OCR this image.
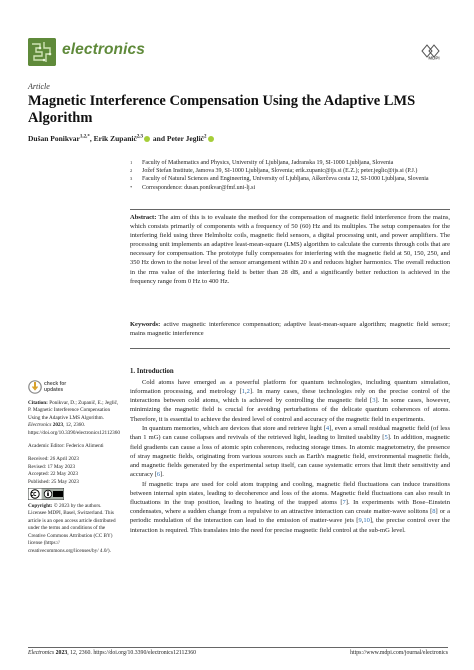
electronics	MDPI
Article
Magnetic Interference Compensation Using the Adaptive LMS Algorithm
Dušan Ponikvar$^{1,2,*}$, Erik Zupanič$^{2,3}$ and Peter Jeglič$^2$
1 Faculty of Mathematics and Physics, University of Ljubljana, Jadranska 19, SI-1000 Ljubljana, Slovenia
2 Jožef Stefan Institute, Jamova 39, SI-1000 Ljubljana, Slovenia; erik.zupanic@ijs.si (E.Z.); peter.jeglic@ijs.si (P.J.)
3 Faculty of Natural Sciences and Engineering, University of Ljubljana, Aškerčeva cesta 12, SI-1000 Ljubljana, Slovenia
* Correspondence: dusan.ponikvar@fmf.uni-lj.si
Abstract: The aim of this is to evaluate the method for the compensation of magnetic field interference from the mains, which consists primarily of components with a frequency of 50 (60) Hz and its multiples. The setup compensates for the interfering field using three Helmholtz coils, magnetic field sensors, a digital processing unit, and power amplifiers. The processing unit implements an adaptive least-mean-square (LMS) algorithm to calculate the currents through coils that are necessary for compensation. The prototype fully compensates for interfering with the magnetic field at 50, 150, 250, and 350 Hz down to the noise level of the sensor arrangement within 20 s and reduces higher harmonics. The overall reduction in the rms value of the interfering field is better than 28 dB, and a significantly better reduction is achieved in the frequency range from 0 Hz to 400 Hz.
Keywords: active magnetic interference compensation; adaptive least-mean-square algorithm; magnetic field sensor; mains magnetic interference
check for
updates

Citation: Ponikvar, D.; Zupanič, E.; Jeglič, P. Magnetic Interference Compensation Using the Adaptive LMS Algorithm. Electronics 2023, 12, 2360. https://doi.org/10.3390/electronics12112360

Academic Editor: Federico Alimenti

Received: 26 April 2023

Revised: 17 May 2023

Accepted: 22 May 2023

Published: 25 May 2023

Copyright: © 2023 by the authors. Licensee MDPI, Basel, Switzerland. This article is an open access article distributed under the terms and conditions of the Creative Commons Attribution (CC BY) license (https:// creativecommons.org/licenses/by/ 4.0/).

1. Introduction

Cold atoms have emerged as a powerful platform for quantum technologies, including quantum simulation, information processing, and metrology [1,2]. In many cases, these technologies rely on the precise control of the interactions between cold atoms, which is achieved by controlling the magnetic field [3]. In some cases, however, minimizing the magnetic field is crucial for avoiding perturbations of the delicate quantum coherences of atoms. Therefore, it is essential to achieve the desired level of control and accuracy of the magnetic field in experiments.

In quantum memories, which are devices that store and retrieve light [4], even a small residual magnetic field (of less than 1 mG) can cause collapses and revivals of the retrieved light, leading to limited usability [5]. In addition, magnetic field gradients can cause a loss of atomic spin coherences, reducing storage times. In atomic magnetometry, the presence of stray magnetic fields, originating from various sources such as Earth's magnetic field, environmental magnetic fields, and magnetic fields generated by the experimental setup itself, can cause systematic errors that limit their sensitivity and accuracy [6].

If magnetic traps are used for cold atom trapping and cooling, magnetic field fluctuations can induce transitions between internal spin states, leading to decoherence and loss of the atoms. Magnetic field fluctuations can also result in fluctuations in the trap position, leading to heating of the trapped atoms [7]. In experiments with Bose–Einstein condensates, where a sudden change from a repulsive to an attractive interaction can create matter-wave solitons [8] or a periodic modulation of the interaction can lead to the emission of matter-wave jets [9,10], the precise control over the interaction is required. This translates into the need for precise magnetic field control at the sub-mG level.

Electronics 2023, 12, 2360. https://doi.org/10.3390/electronics12112360	https://www.mdpi.com/journal/electronics
